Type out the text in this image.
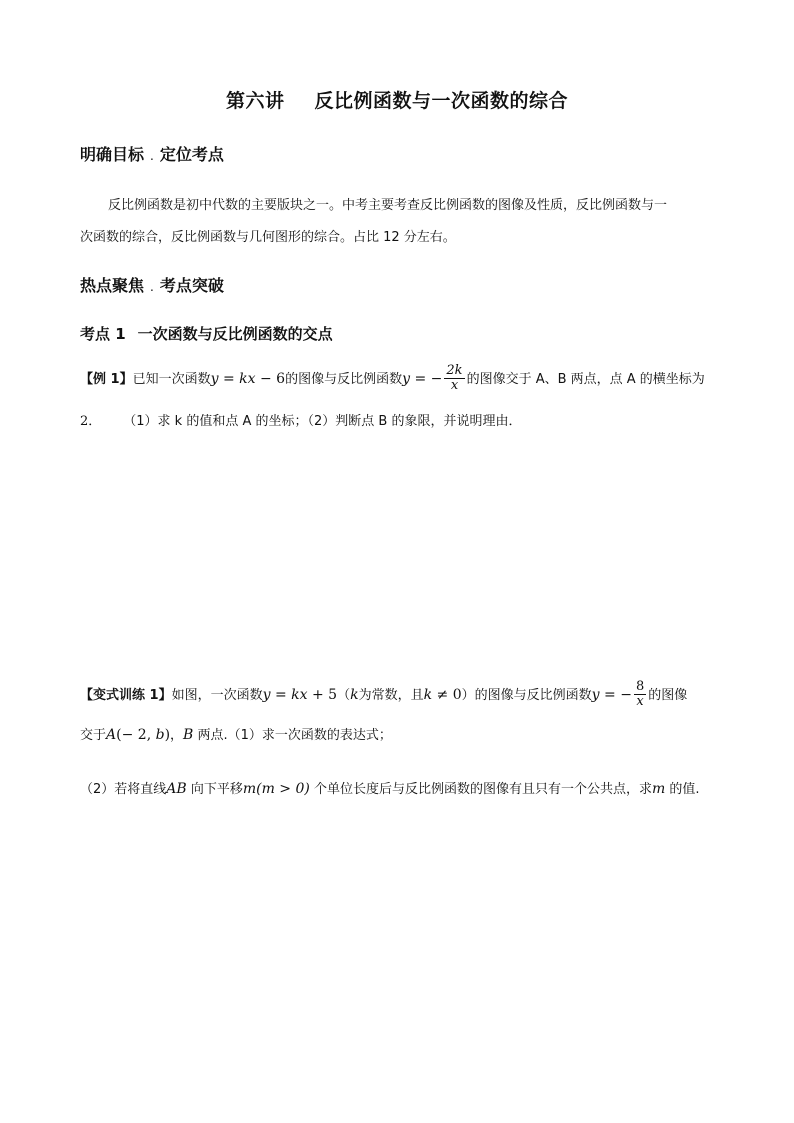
第六讲 反比例函数与一次函数的综合
明确目标 . 定位考点
反比例函数是初中代数的主要版块之一。中考主要考查反比例函数的图像及性质，反比例函数与一
次函数的综合，反比例函数与几何图形的综合。占比 12 分左右。
热点聚焦 . 考点突破
考点 1 一次函数与反比例函数的交点
【例 1】已知一次函数y = kx − 6的图像与反比例函数y = − $\frac{2k}{x}$ 的图像交于 A、B 两点，点 A 的横坐标为
2． （1）求 k 的值和点 A 的坐标；（2）判断点 B 的象限，并说明理由．
【变式训练 1】如图，一次函数y = kx + 5（k为常数，且k ≠ 0）的图像与反比例函数y = − $\frac{8}{x}$ 的图像
交于A(− 2, b)，B 两点.（1）求一次函数的表达式；
（2）若将直线AB 向下平移m(m > 0) 个单位长度后与反比例函数的图像有且只有一个公共点，求m 的值.
